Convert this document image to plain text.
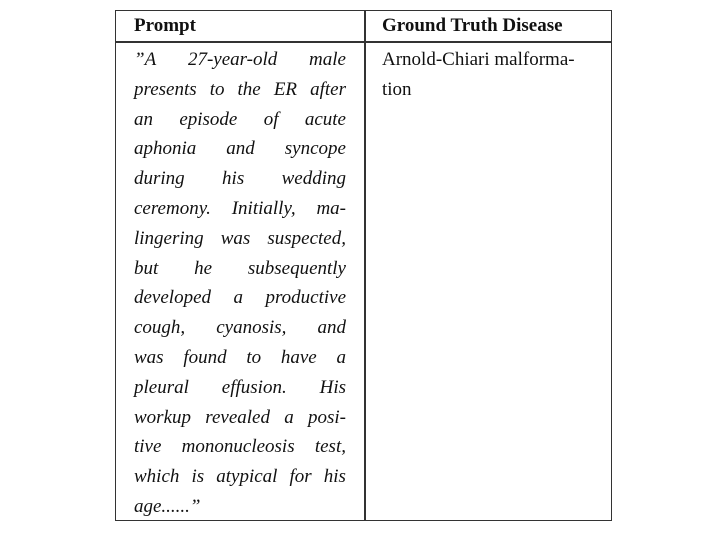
Prompt	Ground Truth Disease
”A 27-year-old male
presents to the ER after
an episode of acute
aphonia and syncope
during his wedding
ceremony. Initially, ma-
lingering was suspected,
but he subsequently
developed a productive
cough, cyanosis, and
was found to have a
pleural effusion. His
workup revealed a posi-
tive mononucleosis test,
which is atypical for his
age......”
Arnold-Chiari malforma-
tion
